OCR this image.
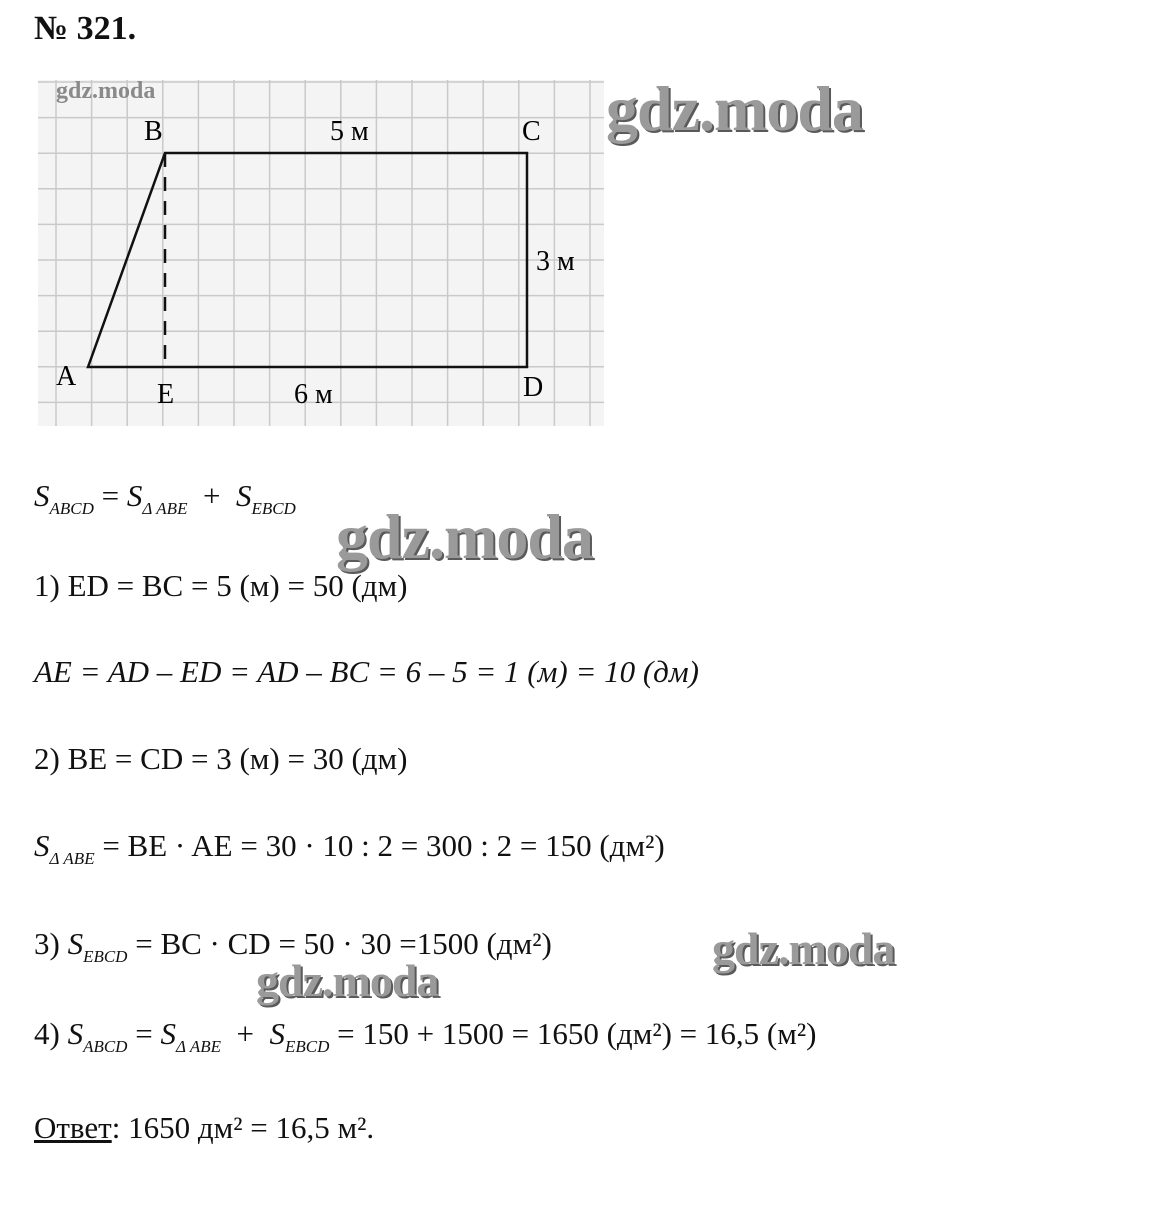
№ 321.
B	C
A
E	D
5 м
3 м
6 м
gdz.moda	gdz.moda
gdz.moda
gdz.moda
gdz.moda
$S_{ABCD} = S_{\Delta ABE} + S_{EBCD}$
1) ED = BC = 5 (м) = 50 (дм)
AE = AD – ED = AD – BC = 6 – 5 = 1 (м) = 10 (дм)
2) BE = CD = 3 (м) = 30 (дм)
$S_{\Delta ABE}$ = BE · AE = 30 · 10 : 2 = 300 : 2 = 150 (дм²)
3) $S_{EBCD}$ = BC · CD = 50 · 30 =1500 (дм²)
4) $S_{ABCD} = S_{\Delta ABE} + S_{EBCD} = 150 + 1500 = 1650$ (дм²) = 16,5 (м²)
Ответ: 1650 дм² = 16,5 м².
